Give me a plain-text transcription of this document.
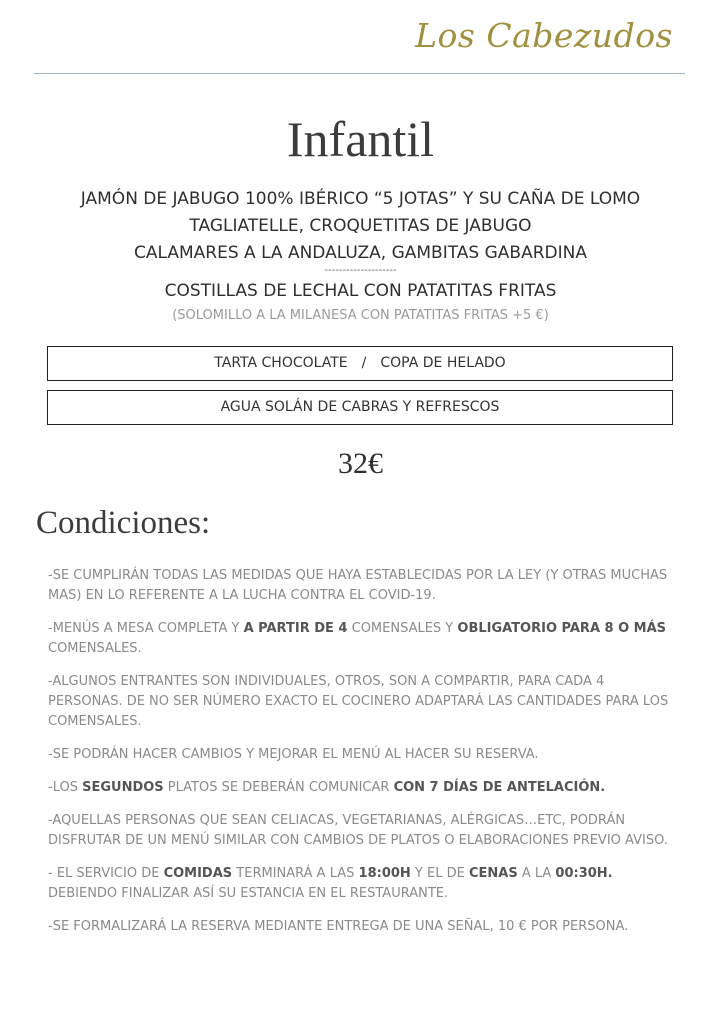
Los Cabezudos
Infantil
JAMÓN DE JABUGO 100% IBÉRICO “5 JOTAS” Y SU CAÑA DE LOMO
TAGLIATELLE, CROQUETITAS DE JABUGO
CALAMARES A LA ANDALUZA, GAMBITAS GABARDINA
--------------------
COSTILLAS DE LECHAL CON PATATITAS FRITAS
(SOLOMILLO A LA MILANESA CON PATATITAS FRITAS +5 €)
TARTA CHOCOLATE / COPA DE HELADO
AGUA SOLÁN DE CABRAS Y REFRESCOS
32€
Condiciones:
-SE CUMPLIRÁN TODAS LAS MEDIDAS QUE HAYA ESTABLECIDAS POR LA LEY (Y OTRAS MUCHAS MAS) EN LO REFERENTE A LA LUCHA CONTRA EL COVID-19.
-MENÚS A MESA COMPLETA Y A PARTIR DE 4 COMENSALES Y OBLIGATORIO PARA 8 O MÁS COMENSALES.
-ALGUNOS ENTRANTES SON INDIVIDUALES, OTROS, SON A COMPARTIR, PARA CADA 4 PERSONAS. DE NO SER NÚMERO EXACTO EL COCINERO ADAPTARÁ LAS CANTIDADES PARA LOS COMENSALES.
-SE PODRÁN HACER CAMBIOS Y MEJORAR EL MENÚ AL HACER SU RESERVA.
-LOS SEGUNDOS PLATOS SE DEBERÁN COMUNICAR CON 7 DÍAS DE ANTELACIÓN.
-AQUELLAS PERSONAS QUE SEAN CELIACAS, VEGETARIANAS, ALÉRGICAS…ETC, PODRÁN DISFRUTAR DE UN MENÚ SIMILAR CON CAMBIOS DE PLATOS O ELABORACIONES PREVIO AVISO.
- EL SERVICIO DE COMIDAS TERMINARÁ A LAS 18:00H Y EL DE CENAS A LA 00:30H. DEBIENDO FINALIZAR ASÍ SU ESTANCIA EN EL RESTAURANTE.
-SE FORMALIZARÁ LA RESERVA MEDIANTE ENTREGA DE UNA SEÑAL, 10 € POR PERSONA.
